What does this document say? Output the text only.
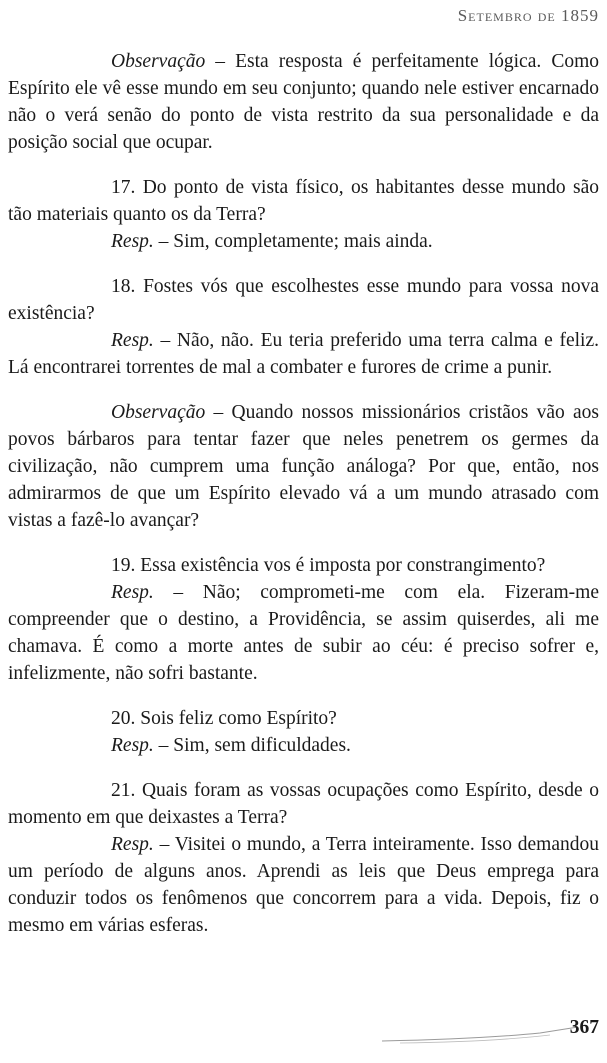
Setembro de 1859

Observação – Esta resposta é perfeitamente lógica. Como Espírito ele vê esse mundo em seu conjunto; quando nele estiver encarnado não o verá senão do ponto de vista restrito da sua personalidade e da posição social que ocupar.

17. Do ponto de vista físico, os habitantes desse mundo são tão materiais quanto os da Terra?

Resp. – Sim, completamente; mais ainda.

18. Fostes vós que escolhestes esse mundo para vossa nova existência?

Resp. – Não, não. Eu teria preferido uma terra calma e feliz. Lá encontrarei torrentes de mal a combater e furores de crime a punir.

Observação – Quando nossos missionários cristãos vão aos povos bárbaros para tentar fazer que neles penetrem os germes da civilização, não cumprem uma função análoga? Por que, então, nos admirarmos de que um Espírito elevado vá a um mundo atrasado com vistas a fazê-lo avançar?

19. Essa existência vos é imposta por constrangimento?

Resp. – Não; comprometi-me com ela. Fizeram-me compreender que o destino, a Providência, se assim quiserdes, ali me chamava. É como a morte antes de subir ao céu: é preciso sofrer e, infelizmente, não sofri bastante.

20. Sois feliz como Espírito?

Resp. – Sim, sem dificuldades.

21. Quais foram as vossas ocupações como Espírito, desde o momento em que deixastes a Terra?

Resp. – Visitei o mundo, a Terra inteiramente. Isso demandou um período de alguns anos. Aprendi as leis que Deus emprega para conduzir todos os fenômenos que concorrem para a vida. Depois, fiz o mesmo em várias esferas.

367
